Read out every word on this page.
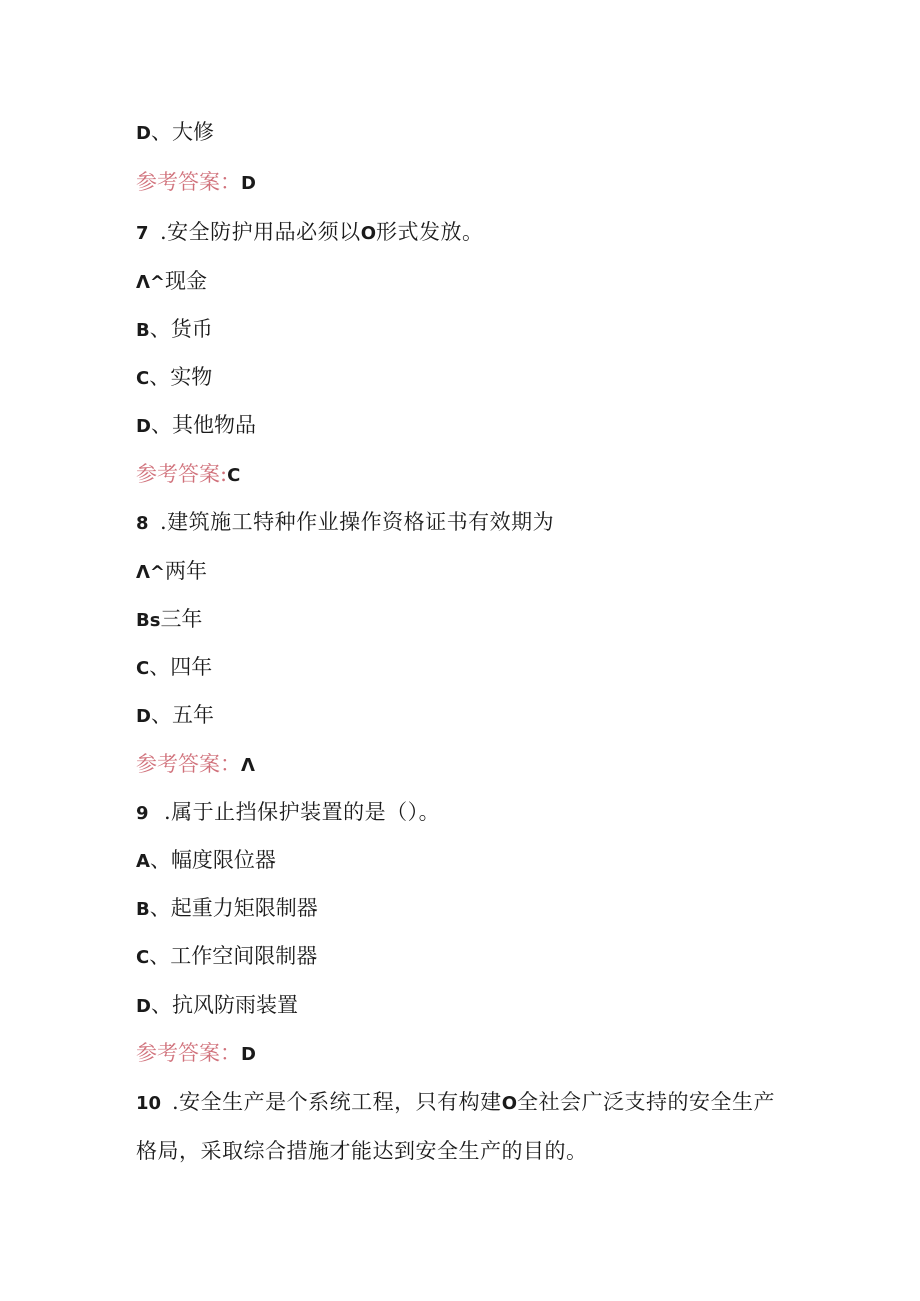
D、大修
参考答案：D
7 .安全防护用品必须以O形式发放。
Λ^现金
B、货币
C、实物
D、其他物品
参考答案:C
8 .建筑施工特种作业操作资格证书有效期为
Λ^两年
Bs三年
C、四年
D、五年
参考答案：Λ
9 .属于止挡保护装置的是（）。
A、幅度限位器
B、起重力矩限制器
C、工作空间限制器
D、抗风防雨装置
参考答案：D
10 .安全生产是个系统工程，只有构建O全社会广泛支持的安全生产
格局，采取综合措施才能达到安全生产的目的。
